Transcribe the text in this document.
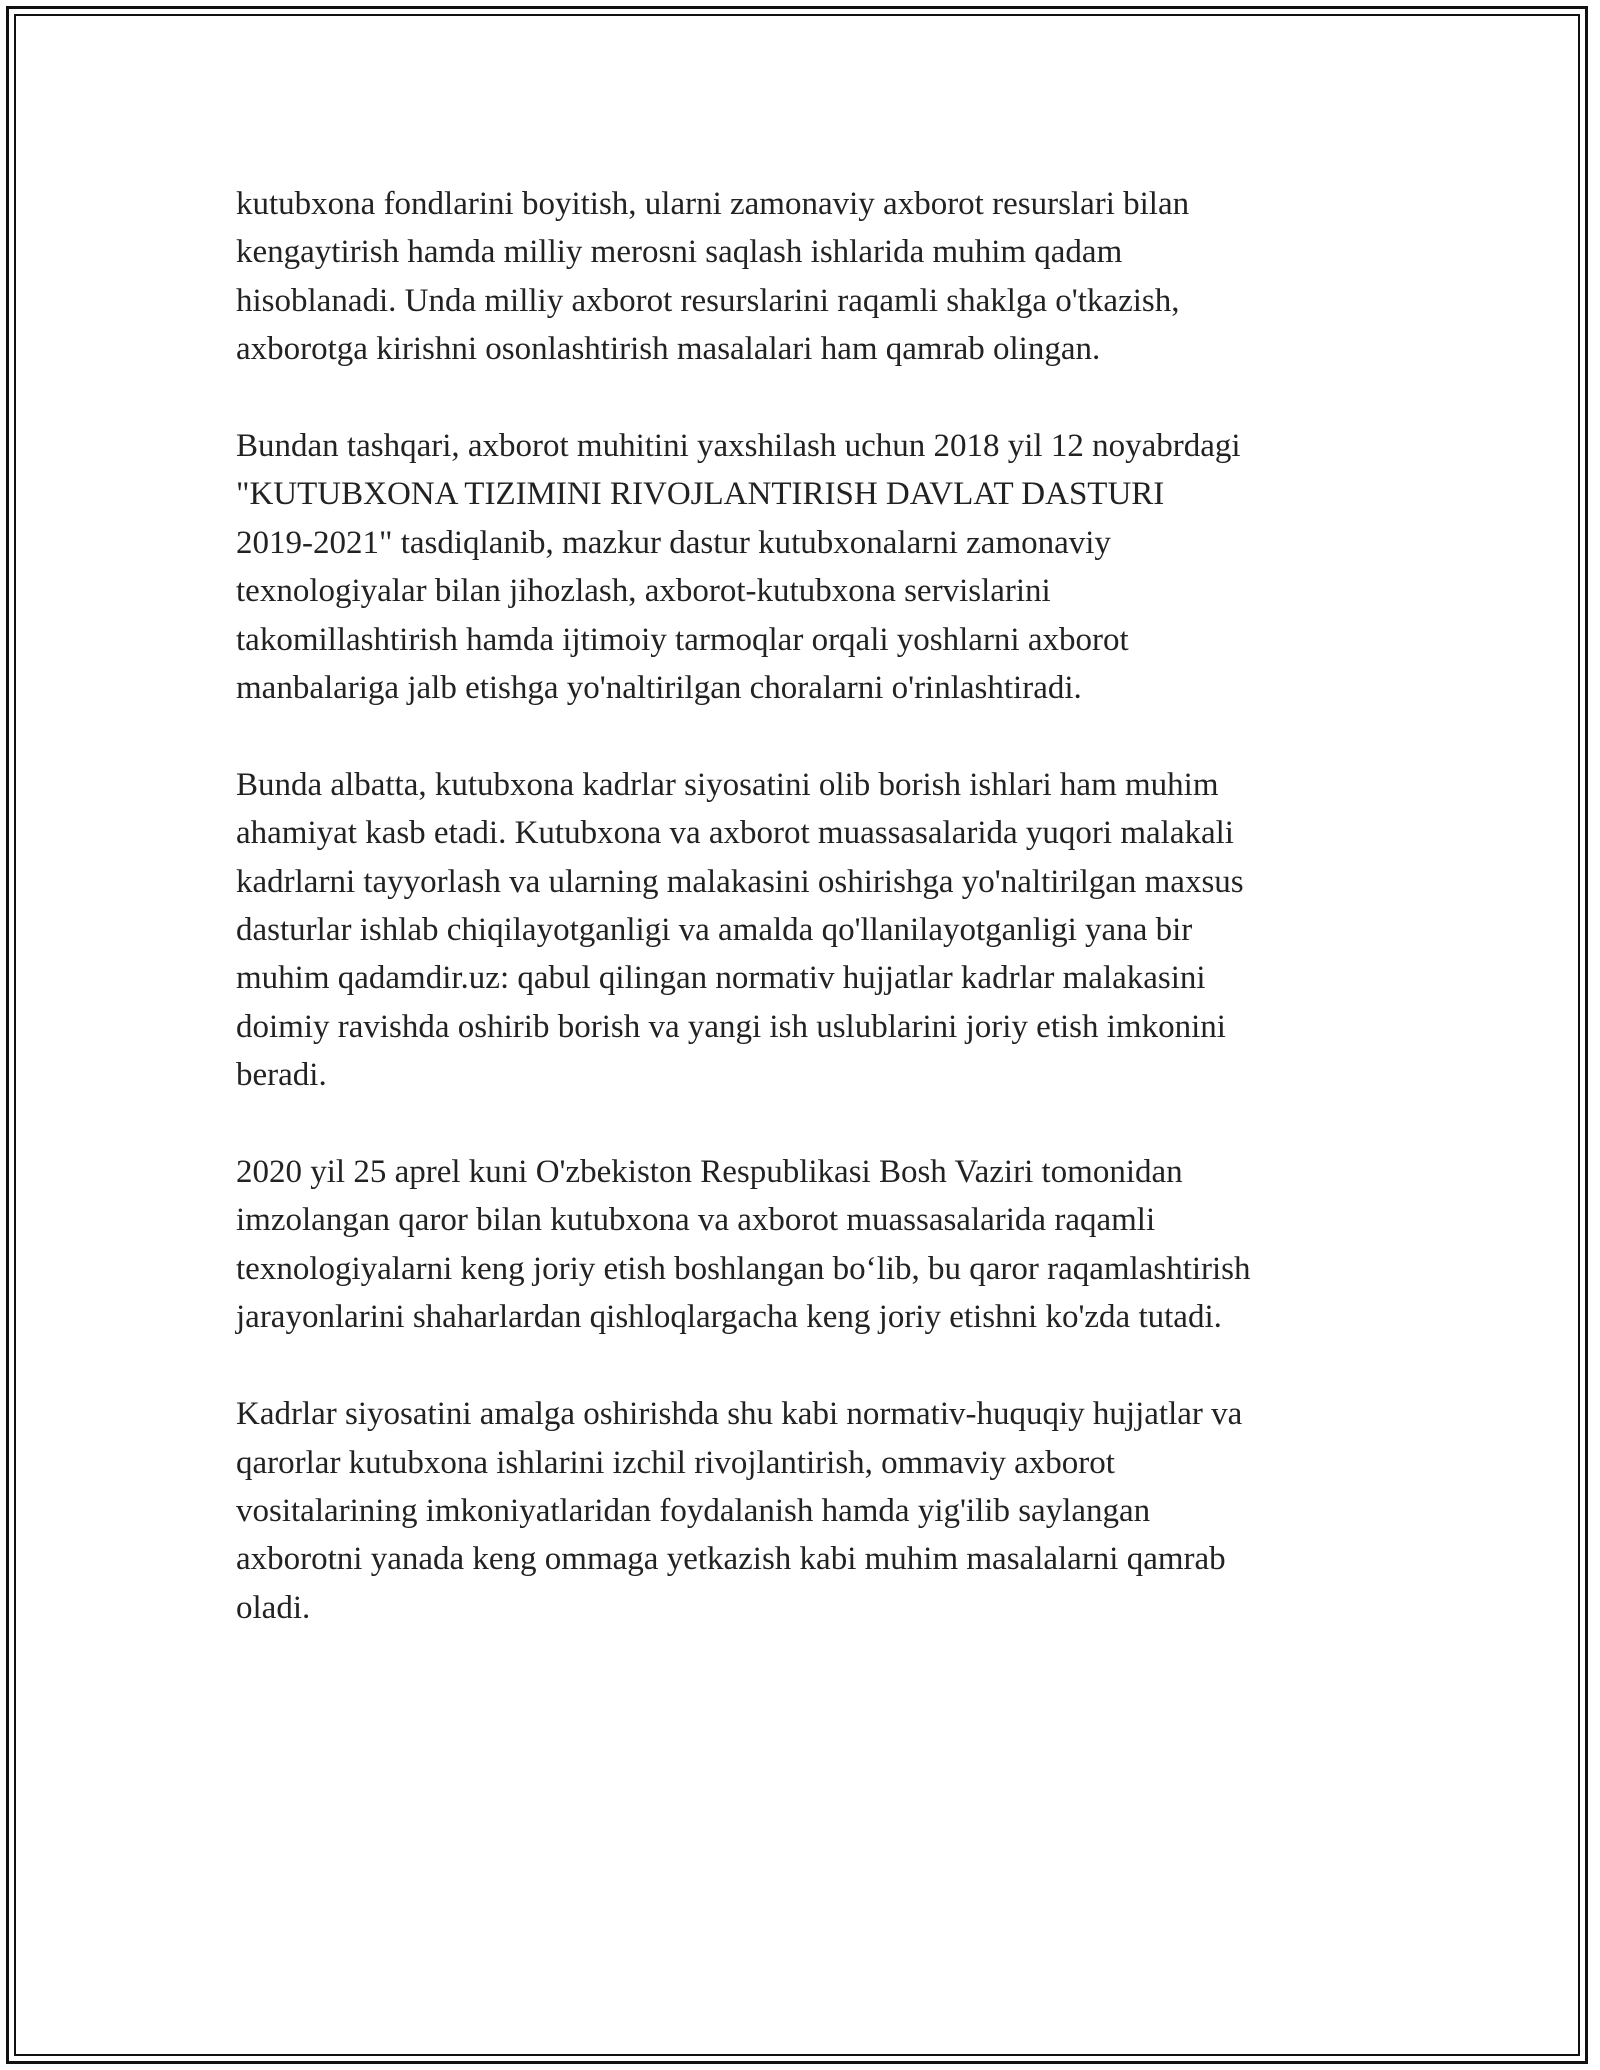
kutubxona fondlarini boyitish, ularni zamonaviy axborot resurslari bilan
kengaytirish hamda milliy merosni saqlash ishlarida muhim qadam
hisoblanadi. Unda milliy axborot resurslarini raqamli shaklga o'tkazish,
axborotga kirishni osonlashtirish masalalari ham qamrab olingan.

Bundan tashqari, axborot muhitini yaxshilash uchun 2018 yil 12 noyabrdagi
"KUTUBXONA TIZIMINI RIVOJLANTIRISH DAVLAT DASTURI
2019-2021" tasdiqlanib, mazkur dastur kutubxonalarni zamonaviy
texnologiyalar bilan jihozlash, axborot-kutubxona servislarini
takomillashtirish hamda ijtimoiy tarmoqlar orqali yoshlarni axborot
manbalariga jalb etishga yo'naltirilgan choralarni o'rinlashtiradi.

Bunda albatta, kutubxona kadrlar siyosatini olib borish ishlari ham muhim
ahamiyat kasb etadi. Kutubxona va axborot muassasalarida yuqori malakali
kadrlarni tayyorlash va ularning malakasini oshirishga yo'naltirilgan maxsus
dasturlar ishlab chiqilayotganligi va amalda qo'llanilayotganligi yana bir
muhim qadamdir.uz: qabul qilingan normativ hujjatlar kadrlar malakasini
doimiy ravishda oshirib borish va yangi ish uslublarini joriy etish imkonini
beradi.

2020 yil 25 aprel kuni O'zbekiston Respublikasi Bosh Vaziri tomonidan
imzolangan qaror bilan kutubxona va axborot muassasalarida raqamli
texnologiyalarni keng joriy etish boshlangan bo‘lib, bu qaror raqamlashtirish
jarayonlarini shaharlardan qishloqlargacha keng joriy etishni ko'zda tutadi.

Kadrlar siyosatini amalga oshirishda shu kabi normativ-huquqiy hujjatlar va
qarorlar kutubxona ishlarini izchil rivojlantirish, ommaviy axborot
vositalarining imkoniyatlaridan foydalanish hamda yig'ilib saylangan
axborotni yanada keng ommaga yetkazish kabi muhim masalalarni qamrab
oladi.
